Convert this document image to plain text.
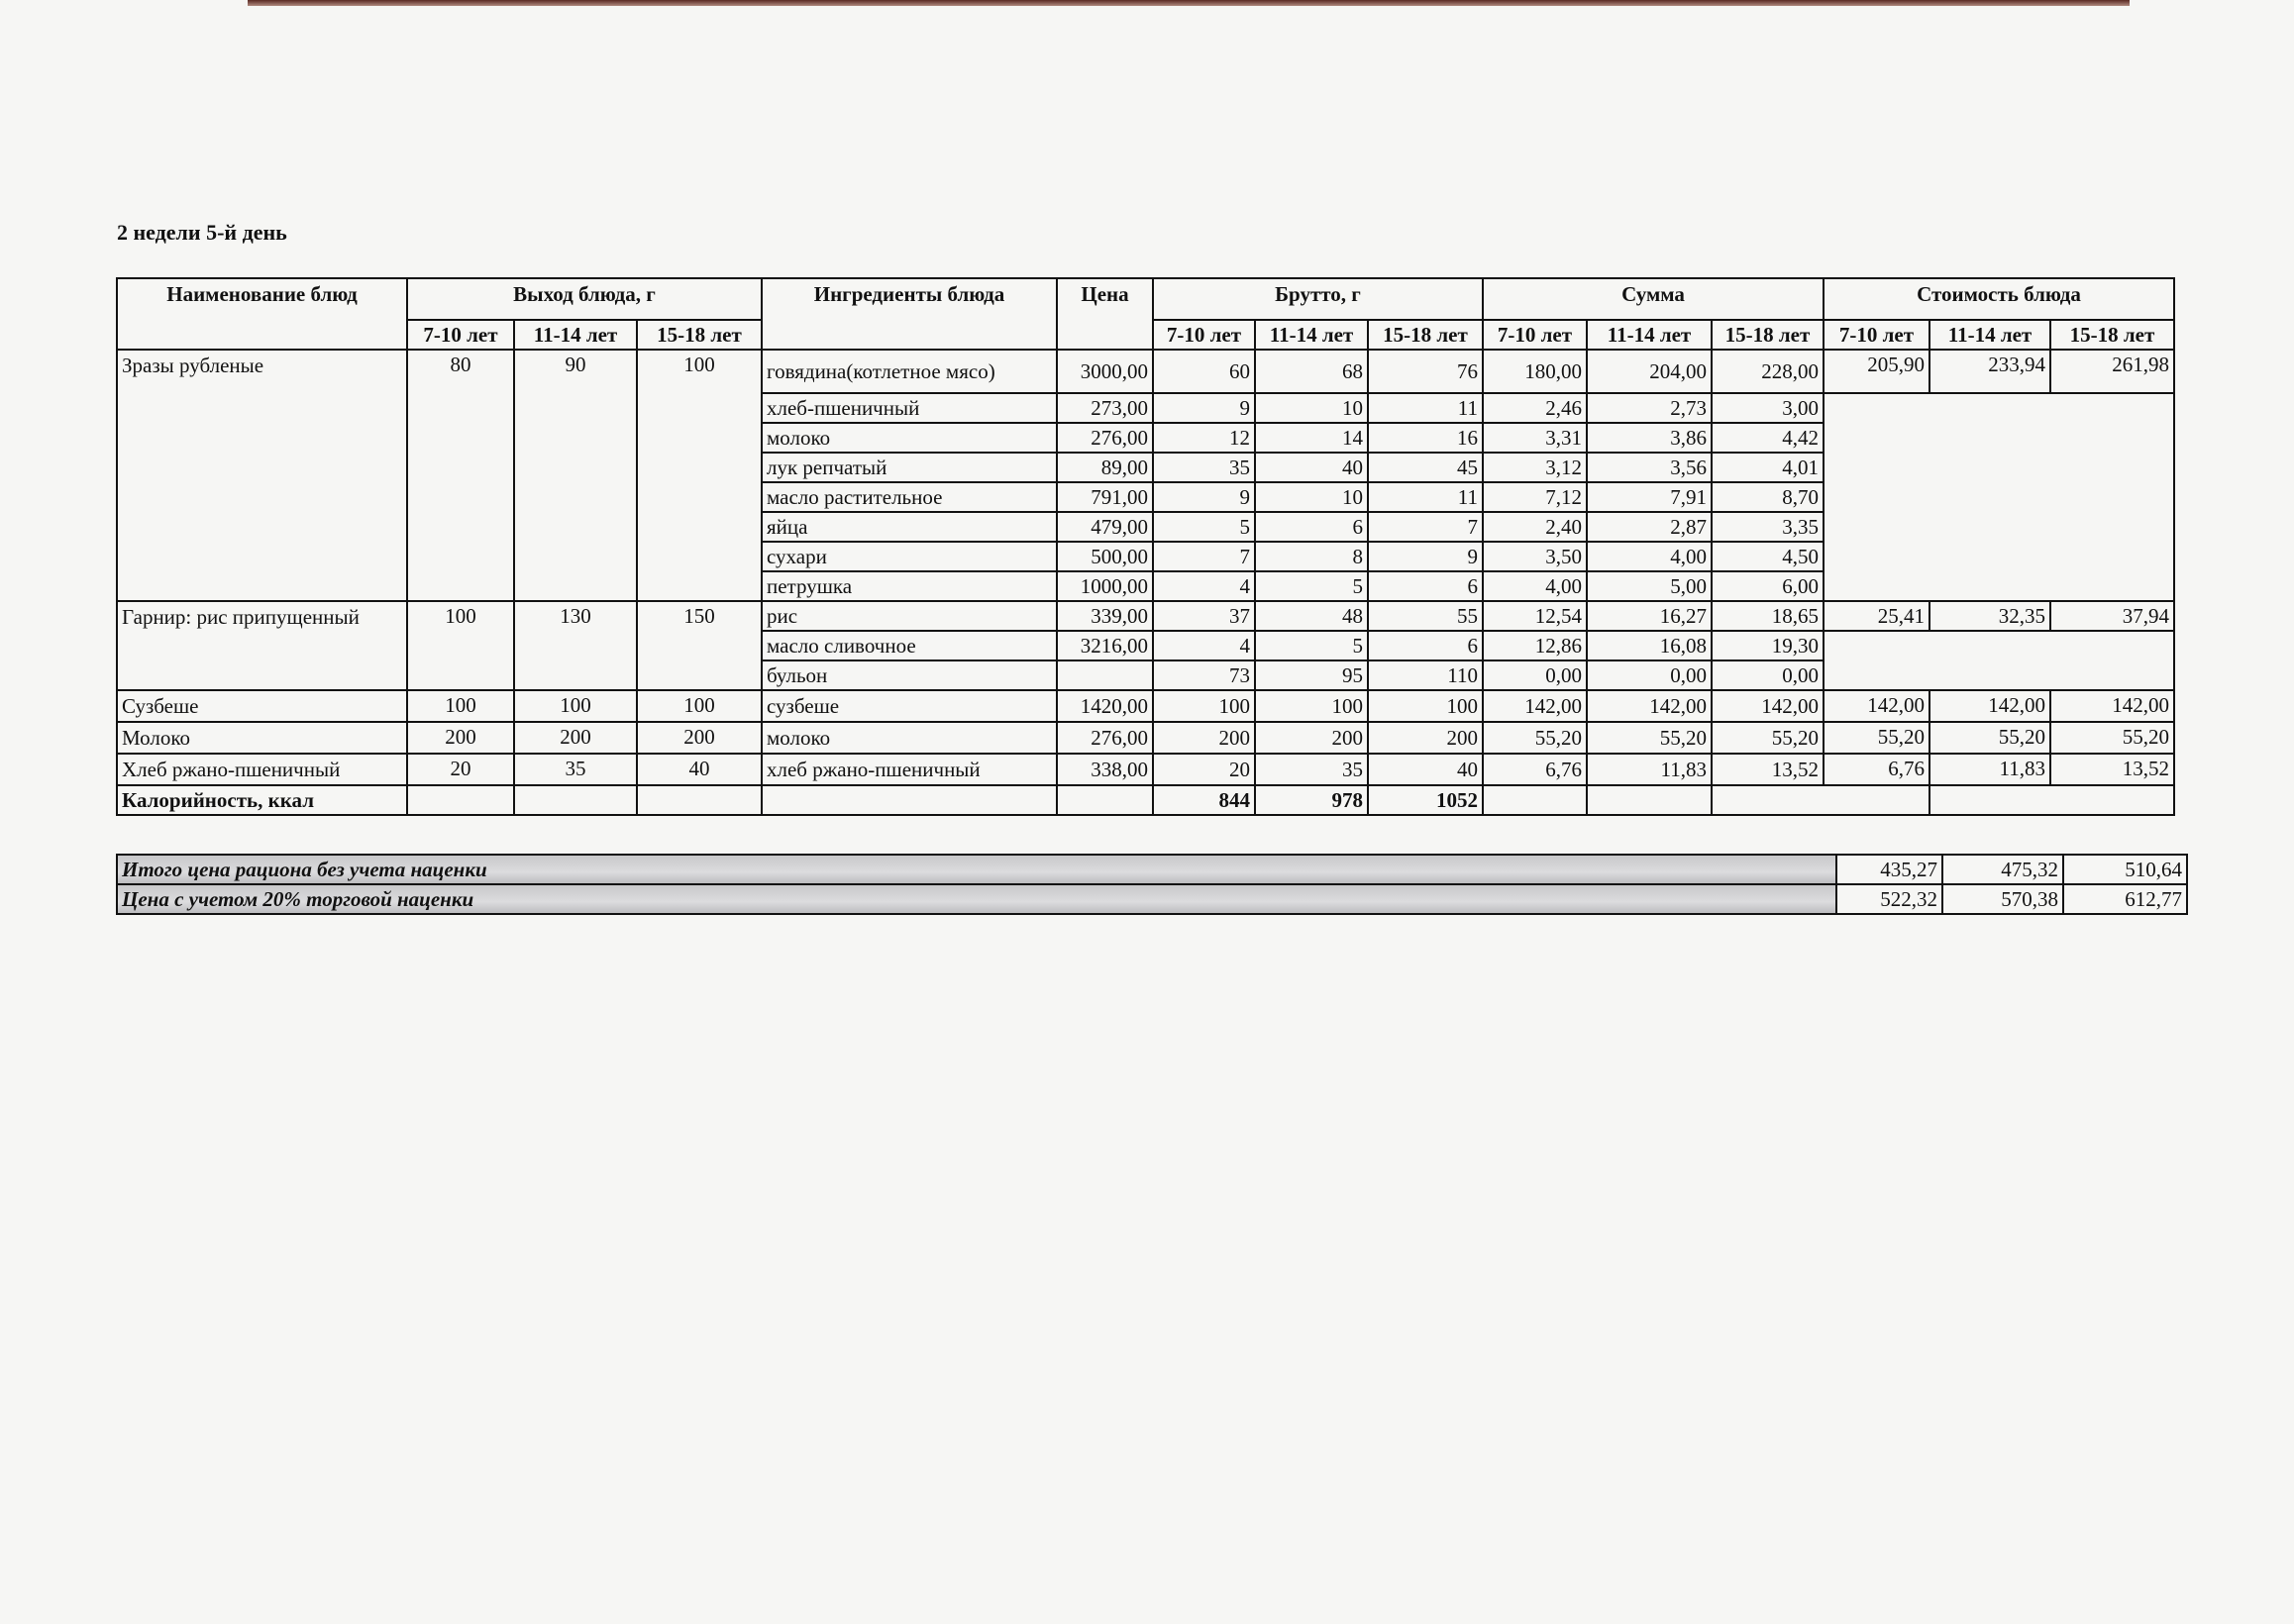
2 недели 5-й день
Наименование блюд	Выход блюда, г			Ингредиенты блюда	Цена	Брутто, г			Сумма			Стоимость блюда		
	7-10 лет	11-14 лет	15-18 лет			7-10 лет	11-14 лет	15-18 лет	7-10 лет	11-14 лет	15-18 лет	7-10 лет	11-14 лет	15-18 лет
Зразы рубленые	80	90	100	говядина(котлетное мясо)	3000,00	60	68	76	180,00	204,00	228,00	205,90	233,94	261,98
				хлеб-пшеничный	273,00	9	10	11	2,46	2,73	3,00			
				молоко	276,00	12	14	16	3,31	3,86	4,42			
				лук репчатый	89,00	35	40	45	3,12	3,56	4,01			
				масло растительное	791,00	9	10	11	7,12	7,91	8,70			
				яйца	479,00	5	6	7	2,40	2,87	3,35			
				сухари	500,00	7	8	9	3,50	4,00	4,50			
				петрушка	1000,00	4	5	6	4,00	5,00	6,00			
Гарнир: рис припущенный	100	130	150	рис	339,00	37	48	55	12,54	16,27	18,65	25,41	32,35	37,94
				масло сливочное	3216,00	4	5	6	12,86	16,08	19,30			
				бульон		73	95	110	0,00	0,00	0,00			
Сузбеше	100	100	100	сузбеше	1420,00	100	100	100	142,00	142,00	142,00	142,00	142,00	142,00
Молоко	200	200	200	молоко	276,00	200	200	200	55,20	55,20	55,20	55,20	55,20	55,20
Хлеб ржано-пшеничный	20	35	40	хлеб ржано-пшеничный	338,00	20	35	40	6,76	11,83	13,52	6,76	11,83	13,52
Калорийность, ккал						844	978	1052						
Итого цена рациона без учета наценки	435,27	475,32	510,64
Цена с учетом 20% торговой наценки	522,32	570,38	612,77
